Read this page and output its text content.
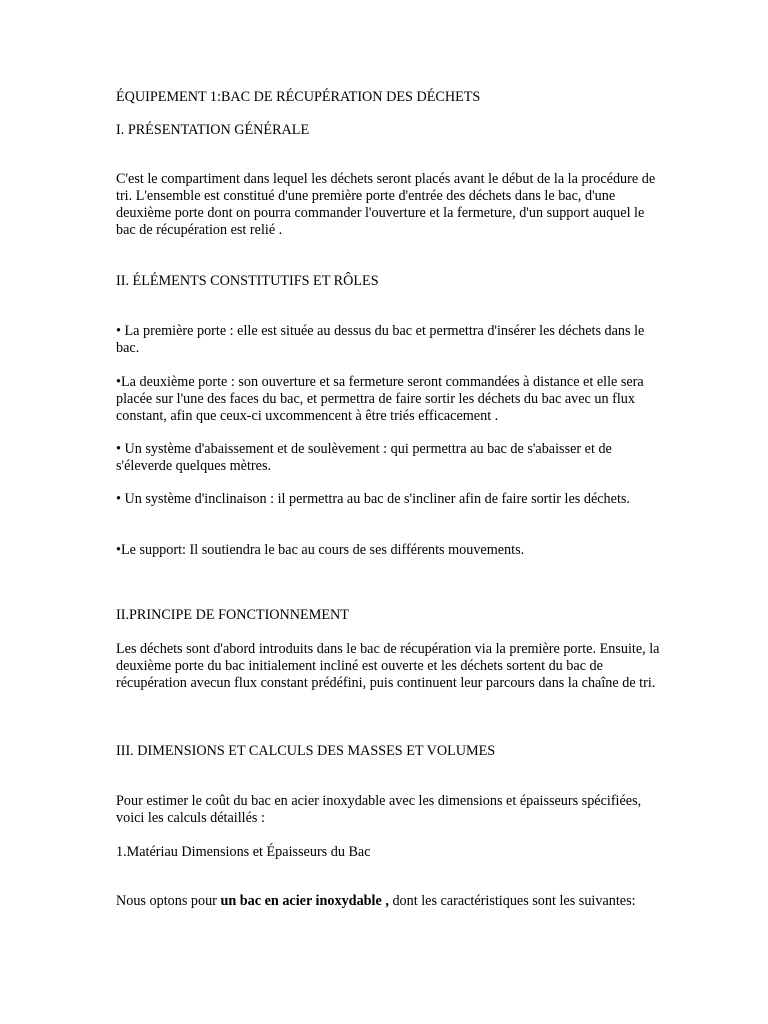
ÉQUIPEMENT 1:BAC DE RÉCUPÉRATION DES DÉCHETS

I. PRÉSENTATION GÉNÉRALE

C'est le compartiment dans lequel les déchets seront placés avant le début de la la procédure de tri. L'ensemble est constitué d'une première porte d'entrée des déchets dans le bac, d'une deuxième porte dont on pourra commander l'ouverture et la fermeture, d'un support auquel le bac de récupération est relié .

II. ÉLÉMENTS CONSTITUTIFS ET RÔLES

• La première porte : elle est située au dessus du bac et permettra d'insérer les déchets dans le bac.

•La deuxième porte : son ouverture et sa fermeture seront commandées à distance et elle sera placée sur l'une des faces du bac, et permettra de faire sortir les déchets du bac avec un flux constant, afin que ceux-ci uxcommencent à être triés efficacement .

• Un système d'abaissement et de soulèvement : qui permettra au bac de s'abaisser et de s'éleverde quelques mètres.

• Un système d'inclinaison : il permettra au bac de s'incliner afin de faire sortir les déchets.

•Le support: Il soutiendra le bac au cours de ses différents mouvements.

II.PRINCIPE DE FONCTIONNEMENT

Les déchets sont d'abord introduits dans le bac de récupération via la première porte. Ensuite, la deuxième porte du bac initialement incliné est ouverte et les déchets sortent du bac de récupération avecun flux constant prédéfini, puis continuent leur parcours dans la chaîne de tri.

III. DIMENSIONS ET CALCULS DES MASSES ET VOLUMES

Pour estimer le coût du bac en acier inoxydable avec les dimensions et épaisseurs spécifiées, voici les calculs détaillés :

1.Matériau Dimensions et Épaisseurs du Bac

Nous optons pour un bac en acier inoxydable , dont les caractéristiques sont les suivantes:
